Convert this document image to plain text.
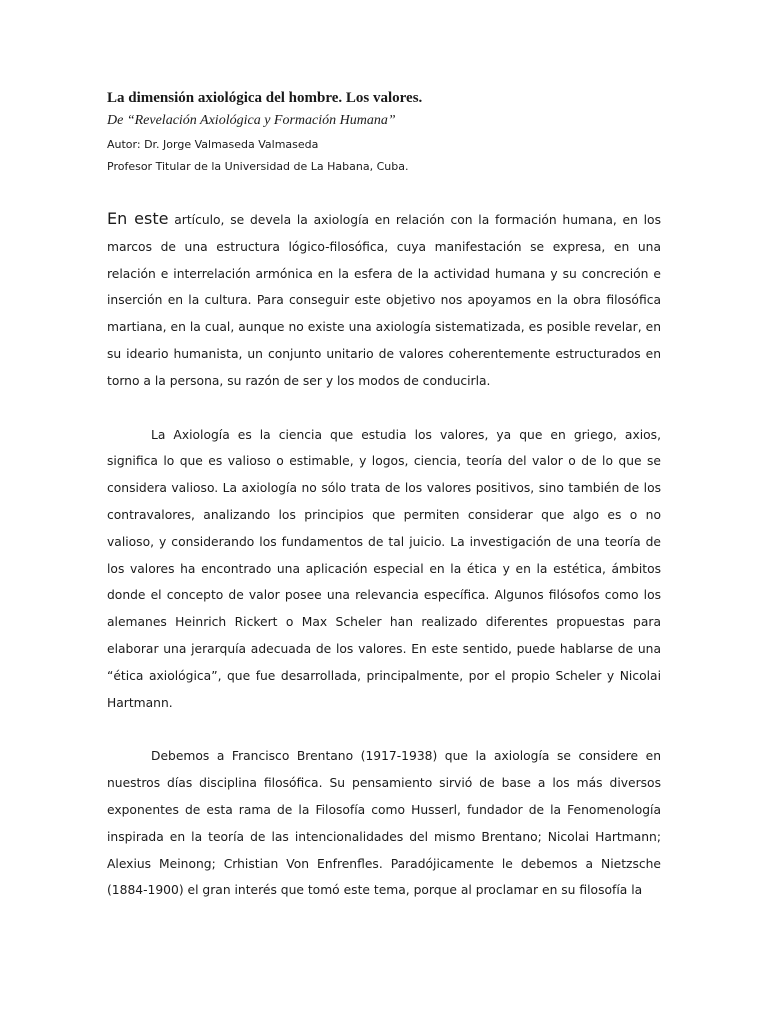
La dimensión axiológica del hombre. Los valores.

De “Revelación Axiológica y Formación Humana”

Autor: Dr. Jorge Valmaseda Valmaseda

Profesor Titular de la Universidad de La Habana, Cuba.

En este artículo, se devela la axiología en relación con la formación humana, en los marcos de una estructura lógico-filosófica, cuya manifestación se expresa, en una relación e interrelación armónica en la esfera de la actividad humana y su concreción e inserción en la cultura. Para conseguir este objetivo nos apoyamos en la obra filosófica martiana, en la cual, aunque no existe una axiología sistematizada, es posible revelar, en su ideario humanista, un conjunto unitario de valores coherentemente estructurados en torno a la persona, su razón de ser y los modos de conducirla.

La Axiología es la ciencia que estudia los valores, ya que en griego, axios, significa lo que es valioso o estimable, y logos, ciencia, teoría del valor o de lo que se considera valioso. La axiología no sólo trata de los valores positivos, sino también de los contravalores, analizando los principios que permiten considerar que algo es o no valioso, y considerando los fundamentos de tal juicio. La investigación de una teoría de los valores ha encontrado una aplicación especial en la ética y en la estética, ámbitos donde el concepto de valor posee una relevancia específica. Algunos filósofos como los alemanes Heinrich Rickert o Max Scheler han realizado diferentes propuestas para elaborar una jerarquía adecuada de los valores. En este sentido, puede hablarse de una “ética axiológica”, que fue desarrollada, principalmente, por el propio Scheler y Nicolai Hartmann.

Debemos a Francisco Brentano (1917-1938) que la axiología se considere en nuestros días disciplina filosófica. Su pensamiento sirvió de base a los más diversos exponentes de esta rama de la Filosofía como Husserl, fundador de la Fenomenología inspirada en la teoría de las intencionalidades del mismo Brentano; Nicolai Hartmann; Alexius Meinong; Crhistian Von Enfrenfles. Paradójicamente le debemos a Nietzsche (1884-1900) el gran interés que tomó este tema, porque al proclamar en su filosofía la
